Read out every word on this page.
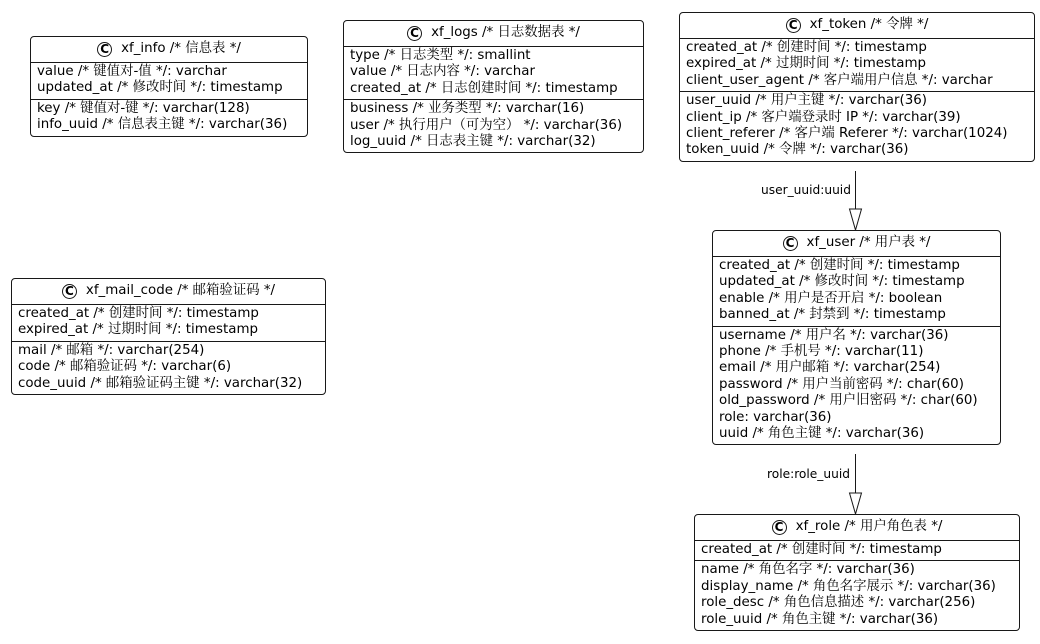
user_uuid:uuid
role:role_uuid
C xf_info /* 信息表 */
value /* 键值对-值 */: varchar
updated_at /* 修改时间 */: timestamp
key /* 键值对-键 */: varchar(128)
info_uuid /* 信息表主键 */: varchar(36)
C xf_logs /* 日志数据表 */
type /* 日志类型 */: smallint
value /* 日志内容 */: varchar
created_at /* 日志创建时间 */: timestamp
business /* 业务类型 */: varchar(16)
user /* 执行用户（可为空） */: varchar(36)
log_uuid /* 日志表主键 */: varchar(32)
C xf_token /* 令牌 */
created_at /* 创建时间 */: timestamp
expired_at /* 过期时间 */: timestamp
client_user_agent /* 客户端用户信息 */: varchar
user_uuid /* 用户主键 */: varchar(36)
client_ip /* 客户端登录时 IP */: varchar(39)
client_referer /* 客户端 Referer */: varchar(1024)
token_uuid /* 令牌 */: varchar(36)
C xf_mail_code /* 邮箱验证码 */
created_at /* 创建时间 */: timestamp
expired_at /* 过期时间 */: timestamp
mail /* 邮箱 */: varchar(254)
code /* 邮箱验证码 */: varchar(6)
code_uuid /* 邮箱验证码主键 */: varchar(32)
C xf_user /* 用户表 */
created_at /* 创建时间 */: timestamp
updated_at /* 修改时间 */: timestamp
enable /* 用户是否开启 */: boolean
banned_at /* 封禁到 */: timestamp
username /* 用户名 */: varchar(36)
phone /* 手机号 */: varchar(11)
email /* 用户邮箱 */: varchar(254)
password /* 用户当前密码 */: char(60)
old_password /* 用户旧密码 */: char(60)
role: varchar(36)
uuid /* 角色主键 */: varchar(36)
C xf_role /* 用户角色表 */
created_at /* 创建时间 */: timestamp
name /* 角色名字 */: varchar(36)
display_name /* 角色名字展示 */: varchar(36)
role_desc /* 角色信息描述 */: varchar(256)
role_uuid /* 角色主键 */: varchar(36)
